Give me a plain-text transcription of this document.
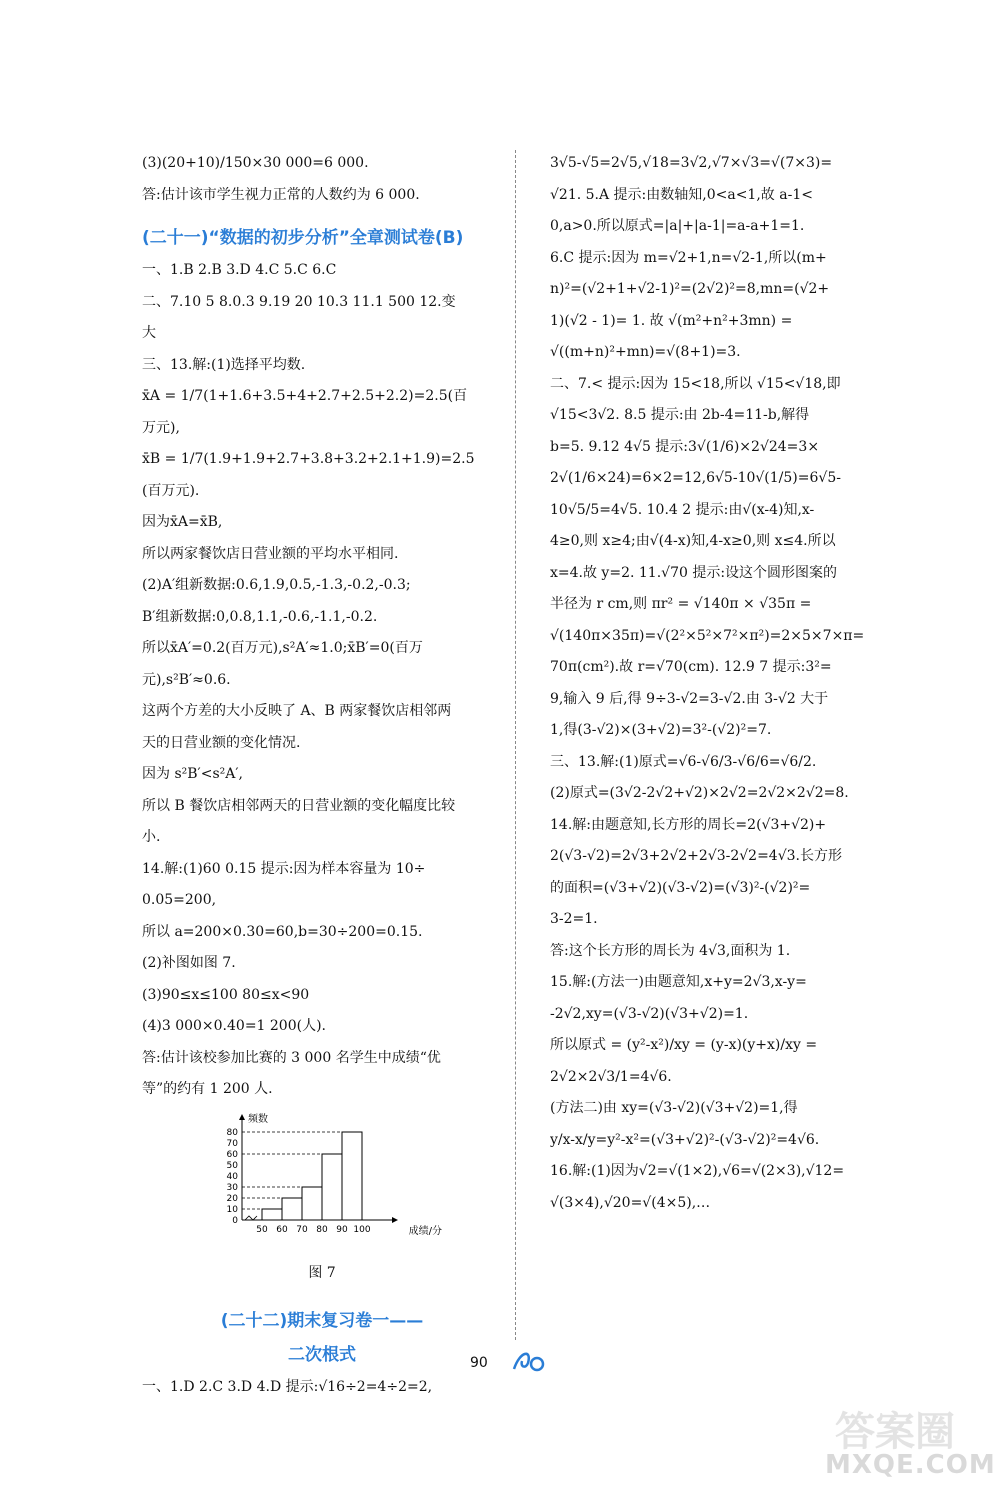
(3)(20+10)/150×30 000=6 000.
答:估计该市学生视力正常的人数约为 6 000.
(二十一)“数据的初步分析”全章测试卷(B)
一、1.B 2.B 3.D 4.C 5.C 6.C
二、7.10 5 8.0.3 9.19 20 10.3 11.1 500 12.变
大
三、13.解:(1)选择平均数.
x̄A = 1/7(1+1.6+3.5+4+2.7+2.5+2.2)=2.5(百
万元),
x̄B = 1/7(1.9+1.9+2.7+3.8+3.2+2.1+1.9)=2.5
(百万元).
因为x̄A=x̄B,
所以两家餐饮店日营业额的平均水平相同.
(2)A′组新数据:0.6,1.9,0.5,-1.3,-0.2,-0.3;
B′组新数据:0,0.8,1.1,-0.6,-1.1,-0.2.
所以x̄A′=0.2(百万元),s²A′≈1.0;x̄B′=0(百万
元),s²B′≈0.6.
这两个方差的大小反映了 A、B 两家餐饮店相邻两
天的日营业额的变化情况.
因为 s²B′<s²A′,
所以 B 餐饮店相邻两天的日营业额的变化幅度比较
小.
14.解:(1)60 0.15 提示:因为样本容量为 10÷
0.05=200,
所以 a=200×0.30=60,b=30÷200=0.15.
(2)补图如图 7.
(3)90≤x≤100 80≤x<90
(4)3 000×0.40=1 200(人).
答:估计该校参加比赛的 3 000 名学生中成绩“优
等”的约有 1 200 人.
0
10
20
30
40
50
60
70
80
50 60 70 80 90 100
频数
成绩/分
图 7
(二十二)期末复习卷一——
二次根式
一、1.D 2.C 3.D 4.D 提示:√16÷2=4÷2=2,
3√5-√5=2√5,√18=3√2,√7×√3=√(7×3)=
√21. 5.A 提示:由数轴知,0<a<1,故 a-1<
0,a>0.所以原式=|a|+|a-1|=a-a+1=1.
6.C 提示:因为 m=√2+1,n=√2-1,所以(m+
n)²=(√2+1+√2-1)²=(2√2)²=8,mn=(√2+
1)(√2 - 1)= 1. 故 √(m²+n²+3mn) =
√((m+n)²+mn)=√(8+1)=3.
二、7.< 提示:因为 15<18,所以 √15<√18,即
√15<3√2. 8.5 提示:由 2b-4=11-b,解得
b=5. 9.12 4√5 提示:3√(1/6)×2√24=3×
2√(1/6×24)=6×2=12,6√5-10√(1/5)=6√5-
10√5/5=4√5. 10.4 2 提示:由√(x-4)知,x-
4≥0,则 x≥4;由√(4-x)知,4-x≥0,则 x≤4.所以
x=4.故 y=2. 11.√70 提示:设这个圆形图案的
半径为 r cm,则 πr² = √140π × √35π =
√(140π×35π)=√(2²×5²×7²×π²)=2×5×7×π=
70π(cm²).故 r=√70(cm). 12.9 7 提示:3²=
9,输入 9 后,得 9÷3-√2=3-√2.由 3-√2 大于
1,得(3-√2)×(3+√2)=3²-(√2)²=7.
三、13.解:(1)原式=√6-√6/3-√6/6=√6/2.
(2)原式=(3√2-2√2+√2)×2√2=2√2×2√2=8.
14.解:由题意知,长方形的周长=2(√3+√2)+
2(√3-√2)=2√3+2√2+2√3-2√2=4√3.长方形
的面积=(√3+√2)(√3-√2)=(√3)²-(√2)²=
3-2=1.
答:这个长方形的周长为 4√3,面积为 1.
15.解:(方法一)由题意知,x+y=2√3,x-y=
-2√2,xy=(√3-√2)(√3+√2)=1.
所以原式 = (y²-x²)/xy = (y-x)(y+x)/xy =
2√2×2√3/1=4√6.
(方法二)由 xy=(√3-√2)(√3+√2)=1,得
y/x-x/y=y²-x²=(√3+√2)²-(√3-√2)²=4√6.
16.解:(1)因为√2=√(1×2),√6=√(2×3),√12=
√(3×4),√20=√(4×5),…
90
答案圈
MXQE.COM
